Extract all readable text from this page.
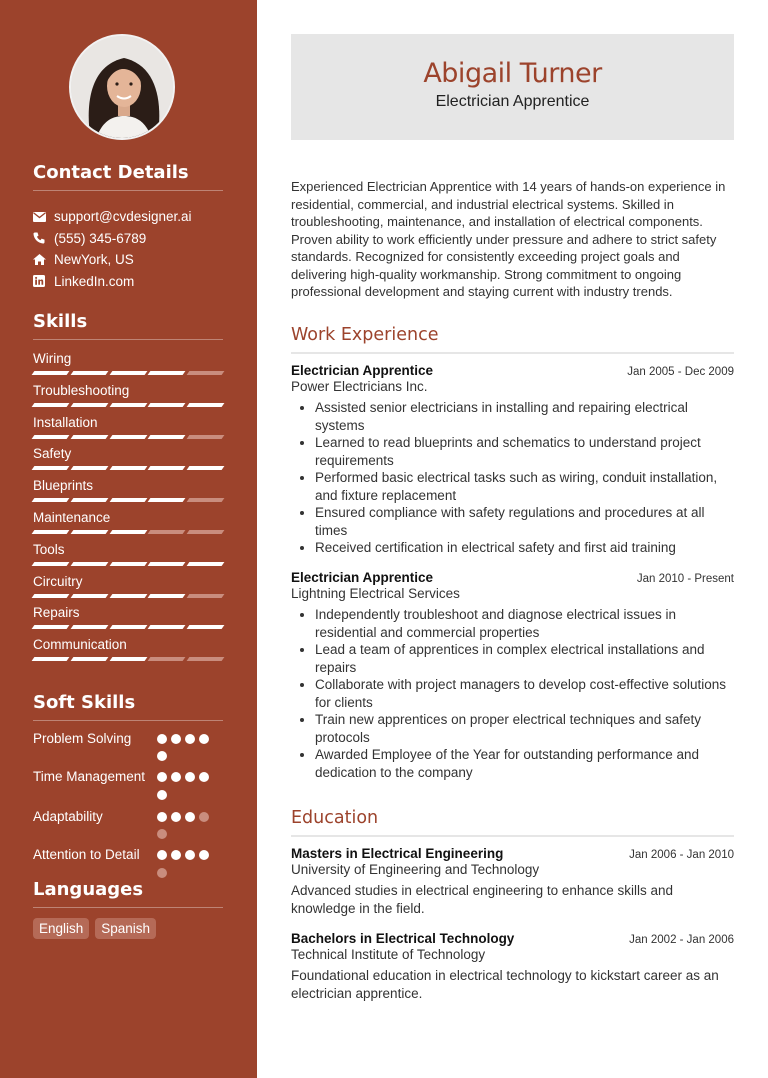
Contact Details
support@cvdesigner.ai
(555) 345-6789
NewYork, US
LinkedIn.com
Skills
Wiring
Troubleshooting
Installation
Safety
Blueprints
Maintenance
Tools
Circuitry
Repairs
Communication
Soft Skills
Problem Solving
Time Management
Adaptability
Attention to Detail
Languages
English	Spanish
Abigail Turner
Electrician Apprentice
Experienced Electrician Apprentice with 14 years of hands-on experience in residential, commercial, and industrial electrical systems. Skilled in troubleshooting, maintenance, and installation of electrical components. Proven ability to work efficiently under pressure and adhere to strict safety standards. Recognized for consistently exceeding project goals and delivering high-quality workmanship. Strong commitment to ongoing professional development and staying current with industry trends.
Work Experience
Electrician Apprentice	Jan 2005 - Dec 2009
Power Electricians Inc.
• Assisted senior electricians in installing and repairing electrical systems
• Learned to read blueprints and schematics to understand project requirements
• Performed basic electrical tasks such as wiring, conduit installation, and fixture replacement
• Ensured compliance with safety regulations and procedures at all times
• Received certification in electrical safety and first aid training
Electrician Apprentice	Jan 2010 - Present
Lightning Electrical Services
• Independently troubleshoot and diagnose electrical issues in residential and commercial properties
• Lead a team of apprentices in complex electrical installations and repairs
• Collaborate with project managers to develop cost-effective solutions for clients
• Train new apprentices on proper electrical techniques and safety protocols
• Awarded Employee of the Year for outstanding performance and dedication to the company
Education
Masters in Electrical Engineering	Jan 2006 - Jan 2010
University of Engineering and Technology
Advanced studies in electrical engineering to enhance skills and knowledge in the field.
Bachelors in Electrical Technology	Jan 2002 - Jan 2006
Technical Institute of Technology
Foundational education in electrical technology to kickstart career as an electrician apprentice.
